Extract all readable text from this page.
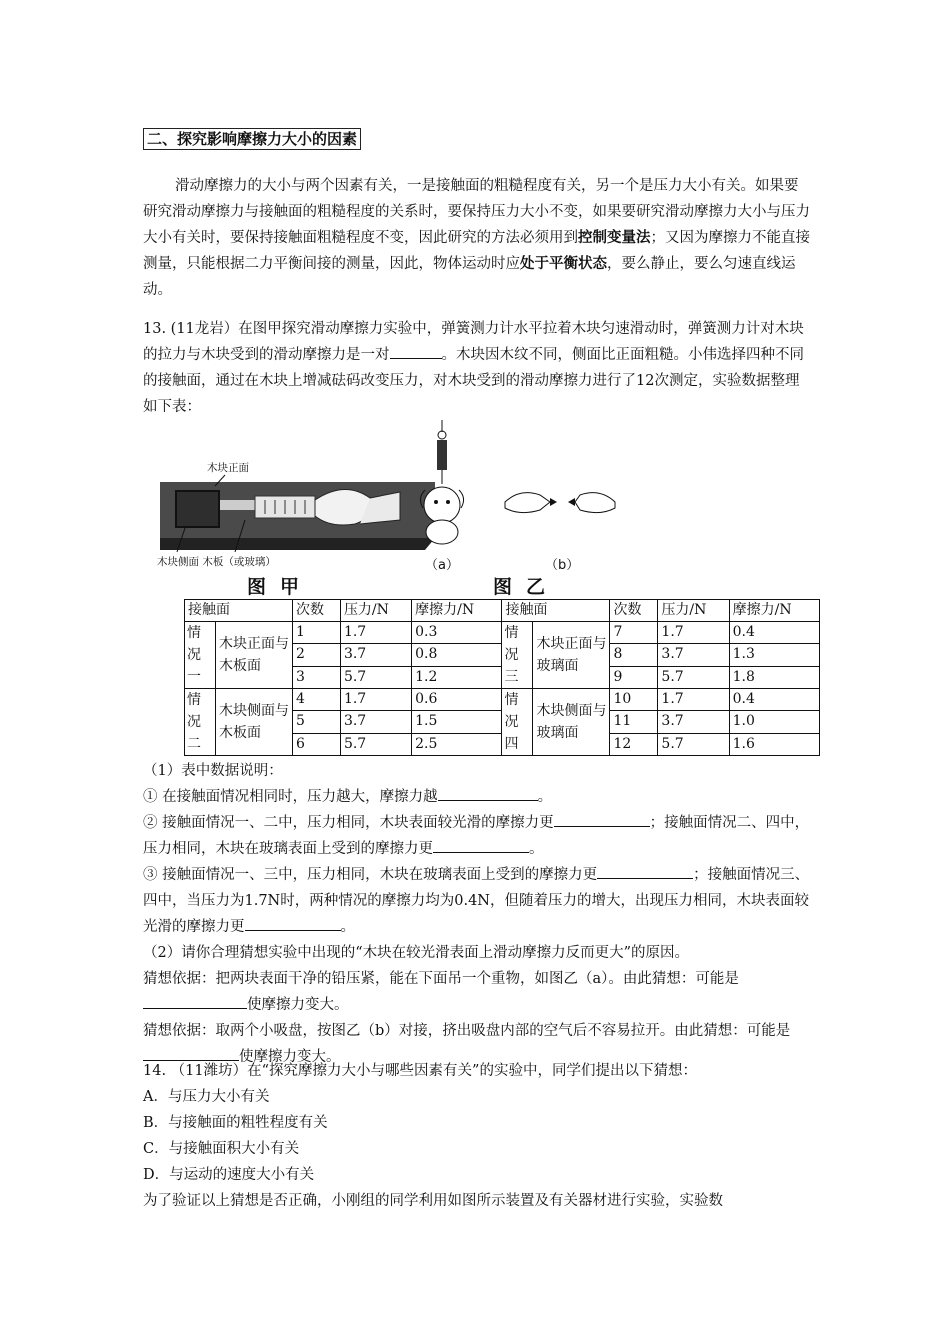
二、探究影响摩擦力大小的因素

滑动摩擦力的大小与两个因素有关，一是接触面的粗糙程度有关，另一个是压力大小有关。如果要研究滑动摩擦力与接触面的粗糙程度的关系时，要保持压力大小不变，如果要研究滑动摩擦力大小与压力大小有关时，要保持接触面粗糙程度不变，因此研究的方法必须用到控制变量法；又因为摩擦力不能直接测量，只能根据二力平衡间接的测量，因此，物体运动时应处于平衡状态，要么静止，要么匀速直线运动。

13. (11龙岩）在图甲探究滑动摩擦力实验中，弹簧测力计水平拉着木块匀速滑动时，弹簧测力计对木块的拉力与木块受到的滑动摩擦力是一对	。木块因木纹不同，侧面比正面粗糙。小伟选择四种不同的接触面，通过在木块上增减砝码改变压力，对木块受到的滑动摩擦力进行了12次测定，实验数据整理如下表：

木块正面
木块侧面 木板（或玻璃）	（a）	（b）
图甲	图乙
接触面		次数	压力/N	摩擦力/N	接触面		次数	压力/N	摩擦力/N
情况一	木块正面与木板面	1	1.7	0.3	情况三	木块正面与玻璃面	7	1.7	0.4
		2	3.7	0.8			8	3.7	1.3
		3	5.7	1.2			9	5.7	1.8
情况二	木块侧面与木板面	4	1.7	0.6	情况四	木块侧面与玻璃面	10	1.7	0.4
		5	3.7	1.5			11	3.7	1.0
		6	5.7	2.5			12	5.7	1.6

（1）表中数据说明：

① 在接触面情况相同时，压力越大，摩擦力越	。

② 接触面情况一、二中，压力相同，木块表面较光滑的摩擦力更	；接触面情况二、四中，压力相同，木块在玻璃表面上受到的摩擦力更	。

③ 接触面情况一、三中，压力相同，木块在玻璃表面上受到的摩擦力更	；接触面情况三、四中，当压力为1.7N时，两种情况的摩擦力均为0.4N，但随着压力的增大，出现压力相同，木块表面较光滑的摩擦力更	。

（2）请你合理猜想实验中出现的“木块在较光滑表面上滑动摩擦力反而更大”的原因。

猜想依据：把两块表面干净的铅压紧，能在下面吊一个重物，如图乙（a）。由此猜想：可能是使摩擦力变大。

猜想依据：取两个小吸盘，按图乙（b）对接，挤出吸盘内部的空气后不容易拉开。由此猜想：可能是使摩擦力变大。

14. （11潍坊）在“探究摩擦力大小与哪些因素有关”的实验中，同学们提出以下猜想：

A．与压力大小有关

B．与接触面的粗牲程度有关

C．与接触面积大小有关

D．与运动的速度大小有关

为了验证以上猜想是否正确，小刚组的同学利用如图所示装置及有关器材进行实验，实验数
